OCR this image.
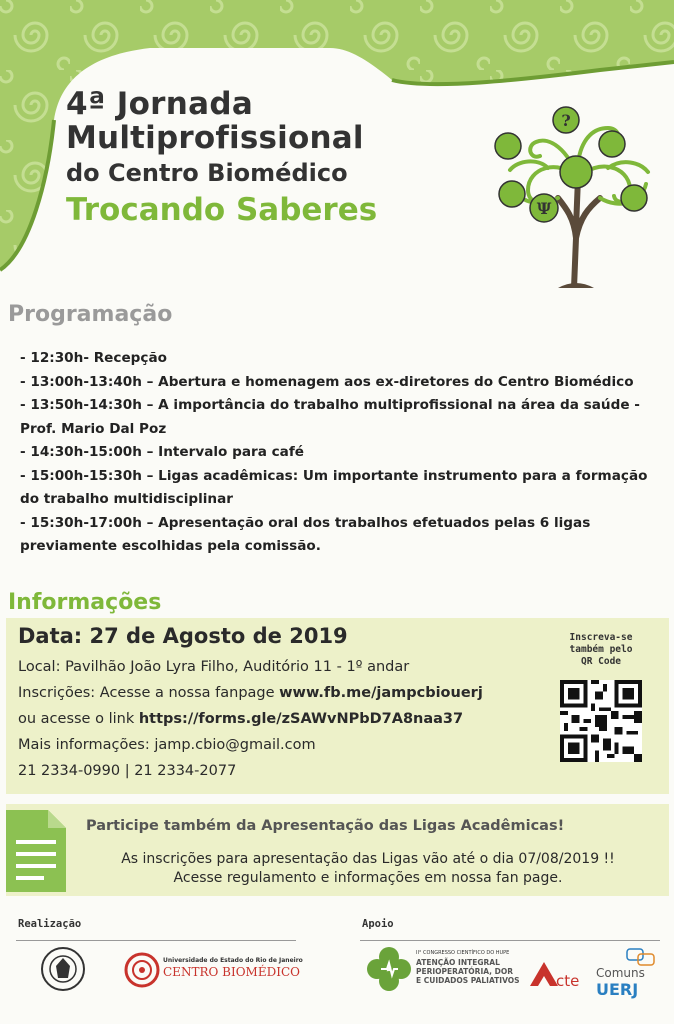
4ª Jornada
Multiprofissional
do Centro Biomédico
Trocando Saberes	Ψ
?
Programação
- 12:30h- Recepção
- 13:00h-13:40h – Abertura e homenagem aos ex-diretores do Centro Biomédico
- 13:50h-14:30h – A importância do trabalho multiprofissional na área da saúde - Prof. Mario Dal Poz
- 14:30h-15:00h – Intervalo para café
- 15:00h-15:30h – Ligas acadêmicas: Um importante instrumento para a formação do trabalho multidisciplinar
- 15:30h-17:00h – Apresentação oral dos trabalhos efetuados pelas 6 ligas previamente escolhidas pela comissão.
Informações
Data: 27 de Agosto de 2019
Local: Pavilhão João Lyra Filho, Auditório 11 - 1º andar
Inscrições: Acesse a nossa fanpage www.fb.me/jampcbiouerj
ou acesse o link https://forms.gle/zSAWvNPbD7A8naa37
Mais informações: jamp.cbio@gmail.com
21 2334-0990 | 21 2334-2077
Inscreva-se
também pelo
QR Code
Participe também da Apresentação das Ligas Acadêmicas!
As inscrições para apresentação das Ligas vão até o dia 07/08/2019 !!
Acesse regulamento e informações em nossa fan page.
Realização	Apoio
Universidade do Estado do Rio de Janeiro
CENTRO BIOMÉDICO
II° CONGRESSO CIENTÍFICO DO HUPE
ATENÇÃO INTEGRAL
PERIOPERATÓRIA, DOR
E CUIDADOS PALIATIVOS cte Comuns
UERJ
